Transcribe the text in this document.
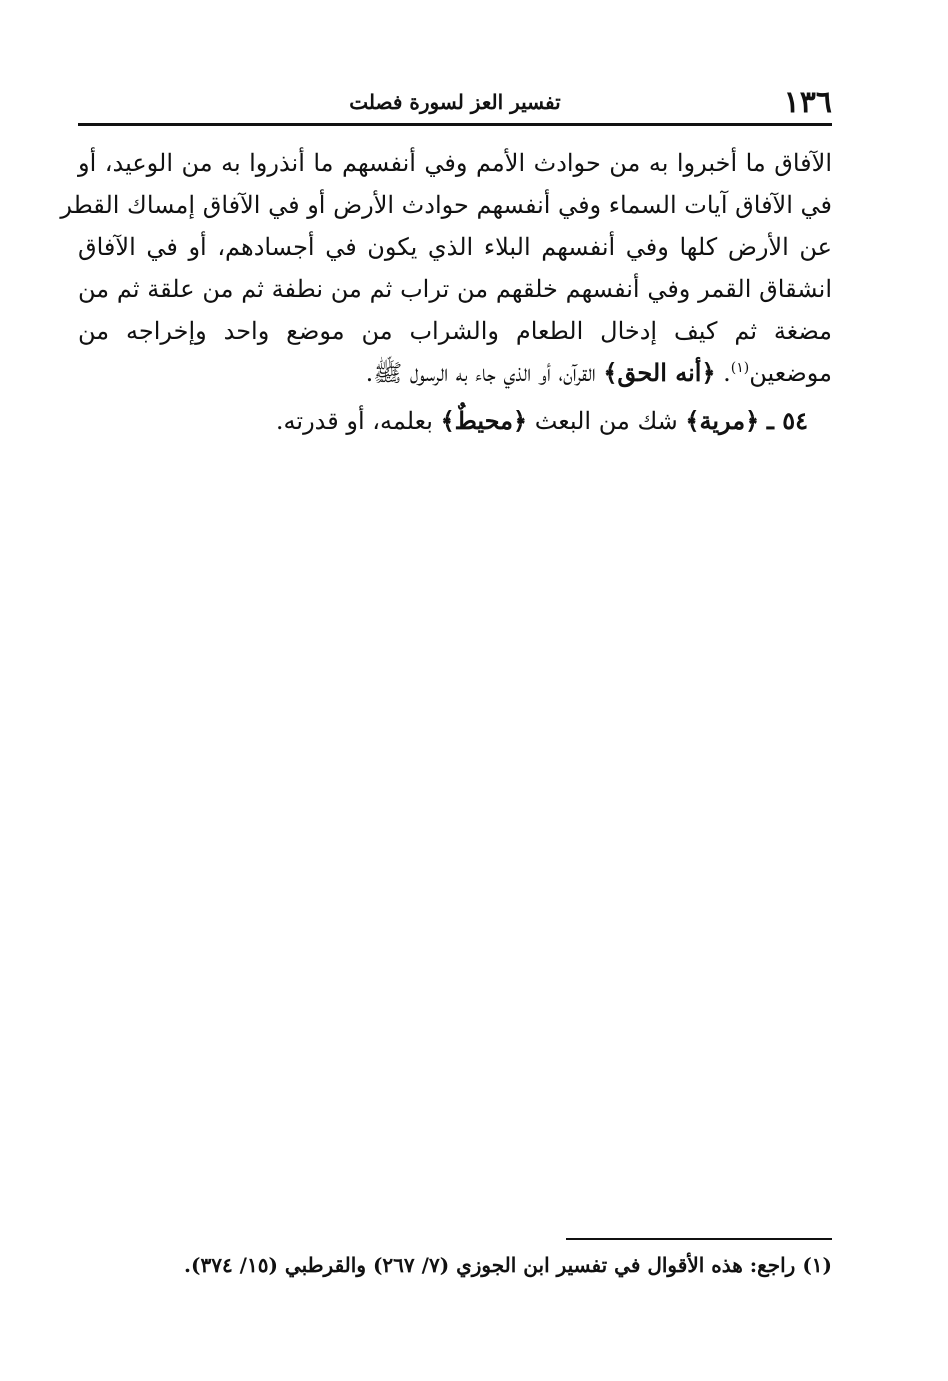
١٣٦
تفسير العز لسورة فصلت
الآفاق ما أخبروا به من حوادث الأمم وفي أنفسهم ما أنذروا به من الوعيد، أو
في الآفاق آيات السماء وفي أنفسهم حوادث الأرض أو في الآفاق إمساك القطر
عن الأرض كلها وفي أنفسهم البلاء الذي يكون في أجسادهم، أو في الآفاق
انشقاق القمر وفي أنفسهم خلقهم من تراب ثم من نطفة ثم من علقة ثم من
مضغة ثم كيف إدخال الطعام والشراب من موضع واحد وإخراجه من
موضعين$^{(١)}$. ﴿أنه الحق﴾ القرآن، أو الذي جاء به الرسول ﷺ.
٥٤ ـ ﴿مرية﴾ شك من البعث ﴿محيطٌ﴾ بعلمه، أو قدرته.
(١) راجع: هذه الأقوال في تفسير ابن الجوزي (٧/ ٢٦٧) والقرطبي (١٥/ ٣٧٤).
